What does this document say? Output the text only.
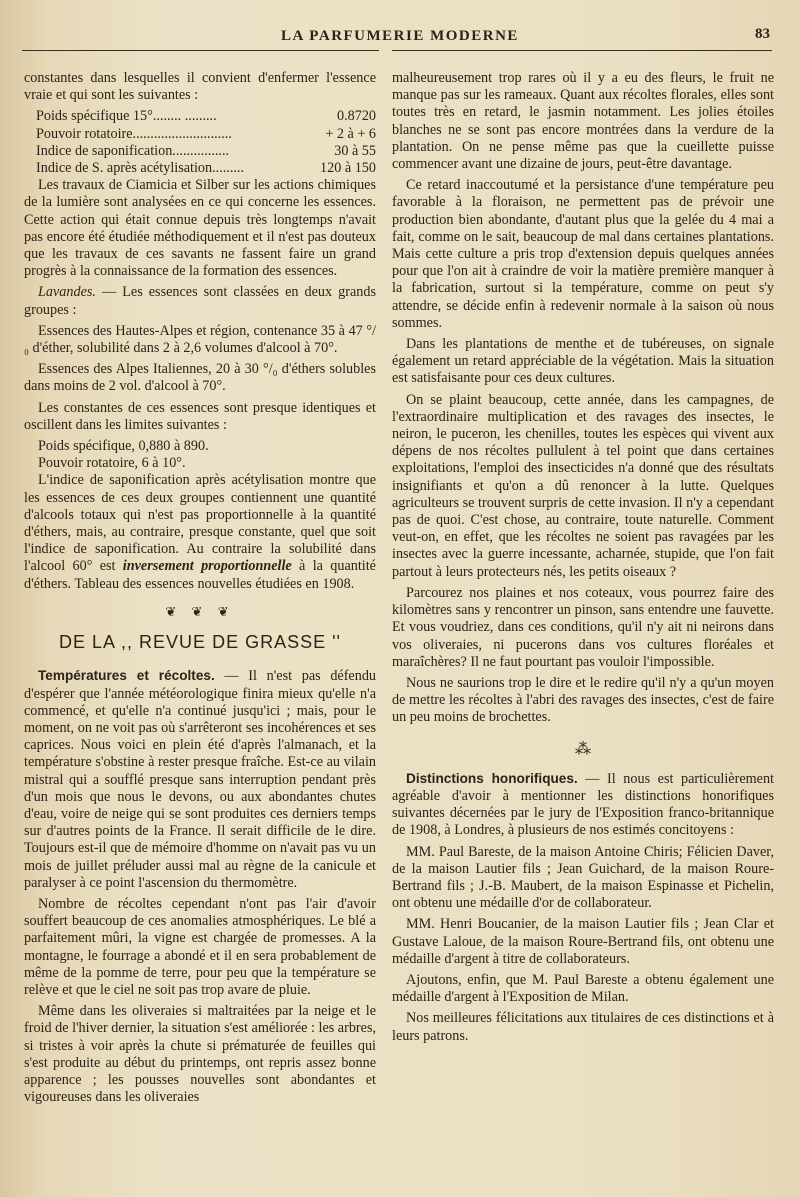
LA PARFUMERIE MODERNE	83

constantes dans lesquelles il convient d'enfermer l'essence vraie et qui sont les suivantes :

Poids spécifique 15°........ .........	0.8720
Pouvoir rotatoire............................	+ 2 à + 6
Indice de saponification................	30 à 55
Indice de S. après acétylisation.........	120 à 150

Les travaux de Ciamicia et Silber sur les actions chimiques de la lumière sont analysées en ce qui concerne les essences. Cette action qui était connue depuis très longtemps n'avait pas encore été étudiée méthodiquement et il n'est pas douteux que les travaux de ces savants ne fassent faire un grand progrès à la connaissance de la formation des essences.

Lavandes. — Les essences sont classées en deux grands groupes :

Essences des Hautes-Alpes et région, contenance 35 à 47 °/₀ d'éther, solubilité dans 2 à 2,6 volumes d'alcool à 70°.

Essences des Alpes Italiennes, 20 à 30 °/₀ d'éthers solubles dans moins de 2 vol. d'alcool à 70°.

Les constantes de ces essences sont presque identiques et oscillent dans les limites suivantes :

Poids spécifique, 0,880 à 890.

Pouvoir rotatoire, 6 à 10°.

L'indice de saponification après acétylisation montre que les essences de ces deux groupes contiennent une quantité d'alcools totaux qui n'est pas proportionnelle à la quantité d'éthers, mais, au contraire, presque constante, quel que soit l'indice de saponification. Au contraire la solubilité dans l'alcool 60° est inversement proportionnelle à la quantité d'éthers. Tableau des essences nouvelles étudiées en 1908.

❦ ❦ ❦
DE LA ,, REVUE DE GRASSE ''

Températures et récoltes. — Il n'est pas défendu d'espérer que l'année météorologique finira mieux qu'elle n'a commencé, et qu'elle n'a continué jusqu'ici ; mais, pour le moment, on ne voit pas où s'arrêteront ses incohérences et ses caprices. Nous voici en plein été d'après l'almanach, et la température s'obstine à rester presque fraîche. Est-ce au vilain mistral qui a soufflé presque sans interruption pendant près d'un mois que nous le devons, ou aux abondantes chutes d'eau, voire de neige qui se sont produites ces derniers temps sur d'autres points de la France. Il serait difficile de le dire. Toujours est-il que de mémoire d'homme on n'avait pas vu un mois de juillet préluder aussi mal au règne de la canicule et paralyser à ce point l'ascension du thermomètre.

Nombre de récoltes cependant n'ont pas l'air d'avoir souffert beaucoup de ces anomalies atmosphériques. Le blé a parfaitement mûri, la vigne est chargée de promesses. A la montagne, le fourrage a abondé et il en sera probablement de même de la pomme de terre, pour peu que la température se relève et que le ciel ne soit pas trop avare de pluie.

Même dans les oliveraies si maltraitées par la neige et le froid de l'hiver dernier, la situation s'est améliorée : les arbres, si tristes à voir après la chute si prématurée de feuilles qui s'est produite au début du printemps, ont repris assez bonne apparence ; les pousses nouvelles sont abondantes et vigoureuses dans les oliveraies

malheureusement trop rares où il y a eu des fleurs, le fruit ne manque pas sur les rameaux. Quant aux récoltes florales, elles sont toutes très en retard, le jasmin notamment. Les jolies étoiles blanches ne se sont pas encore montrées dans la verdure de la plantation. On ne pense même pas que la cueillette puisse commencer avant une dizaine de jours, peut-être davantage.

Ce retard inaccoutumé et la persistance d'une température peu favorable à la floraison, ne permettent pas de prévoir une production bien abondante, d'autant plus que la gelée du 4 mai a fait, comme on le sait, beaucoup de mal dans certaines plantations. Mais cette culture a pris trop d'extension depuis quelques années pour que l'on ait à craindre de voir la matière première manquer à la fabrication, surtout si la température, comme on peut s'y attendre, se décide enfin à redevenir normale à la saison où nous sommes.

Dans les plantations de menthe et de tubéreuses, on signale également un retard appréciable de la végétation. Mais la situation est satisfaisante pour ces deux cultures.

On se plaint beaucoup, cette année, dans les campagnes, de l'extraordinaire multiplication et des ravages des insectes, le neiron, le puceron, les chenilles, toutes les espèces qui vivent aux dépens de nos récoltes pullulent à tel point que dans certaines exploitations, l'emploi des insecticides n'a donné que des résultats insignifiants et qu'on a dû renoncer à la lutte. Quelques agriculteurs se trouvent surpris de cette invasion. Il n'y a cependant pas de quoi. C'est chose, au contraire, toute naturelle. Comment veut-on, en effet, que les récoltes ne soient pas ravagées par les insectes avec la guerre incessante, acharnée, stupide, que l'on fait partout à leurs protecteurs nés, les petits oiseaux ?

Parcourez nos plaines et nos coteaux, vous pourrez faire des kilomètres sans y rencontrer un pinson, sans entendre une fauvette. Et vous voudriez, dans ces conditions, qu'il n'y ait ni neirons dans vos oliveraies, ni pucerons dans vos cultures floréales et maraîchères? Il ne faut pourtant pas vouloir l'impossible.

Nous ne saurions trop le dire et le redire qu'il n'y a qu'un moyen de mettre les récoltes à l'abri des ravages des insectes, c'est de faire un peu moins de brochettes.

⁂

Distinctions honorifiques. — Il nous est particulièrement agréable d'avoir à mentionner les distinctions honorifiques suivantes décernées par le jury de l'Exposition franco-britannique de 1908, à Londres, à plusieurs de nos estimés concitoyens :

MM. Paul Bareste, de la maison Antoine Chiris; Félicien Daver, de la maison Lautier fils ; Jean Guichard, de la maison Roure-Bertrand fils ; J.-B. Maubert, de la maison Espinasse et Pichelin, ont obtenu une médaille d'or de collaborateur.

MM. Henri Boucanier, de la maison Lautier fils ; Jean Clar et Gustave Laloue, de la maison Roure-Bertrand fils, ont obtenu une médaille d'argent à titre de collaborateurs.

Ajoutons, enfin, que M. Paul Bareste a obtenu également une médaille d'argent à l'Exposition de Milan.

Nos meilleures félicitations aux titulaires de ces distinctions et à leurs patrons.
